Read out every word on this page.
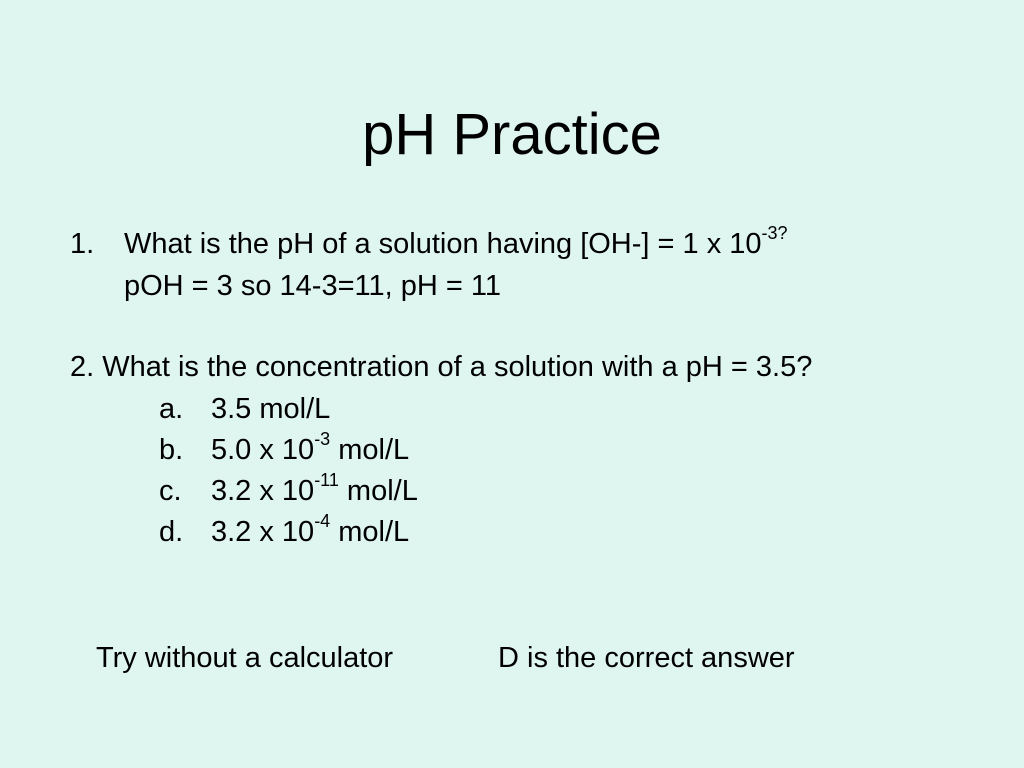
pH Practice
1. What is the pH of a solution having [OH-] = 1 x $10^{-3?}$
pOH = 3 so 14-3=11, pH = 11
2. What is the concentration of a solution with a pH = 3.5?
a. 3.5 mol/L
b. 5.0 x $10^{-3}$ mol/L
c. 3.2 x $10^{-11}$ mol/L
d. 3.2 x $10^{-4}$ mol/L
Try without a calculator	D is the correct answer
